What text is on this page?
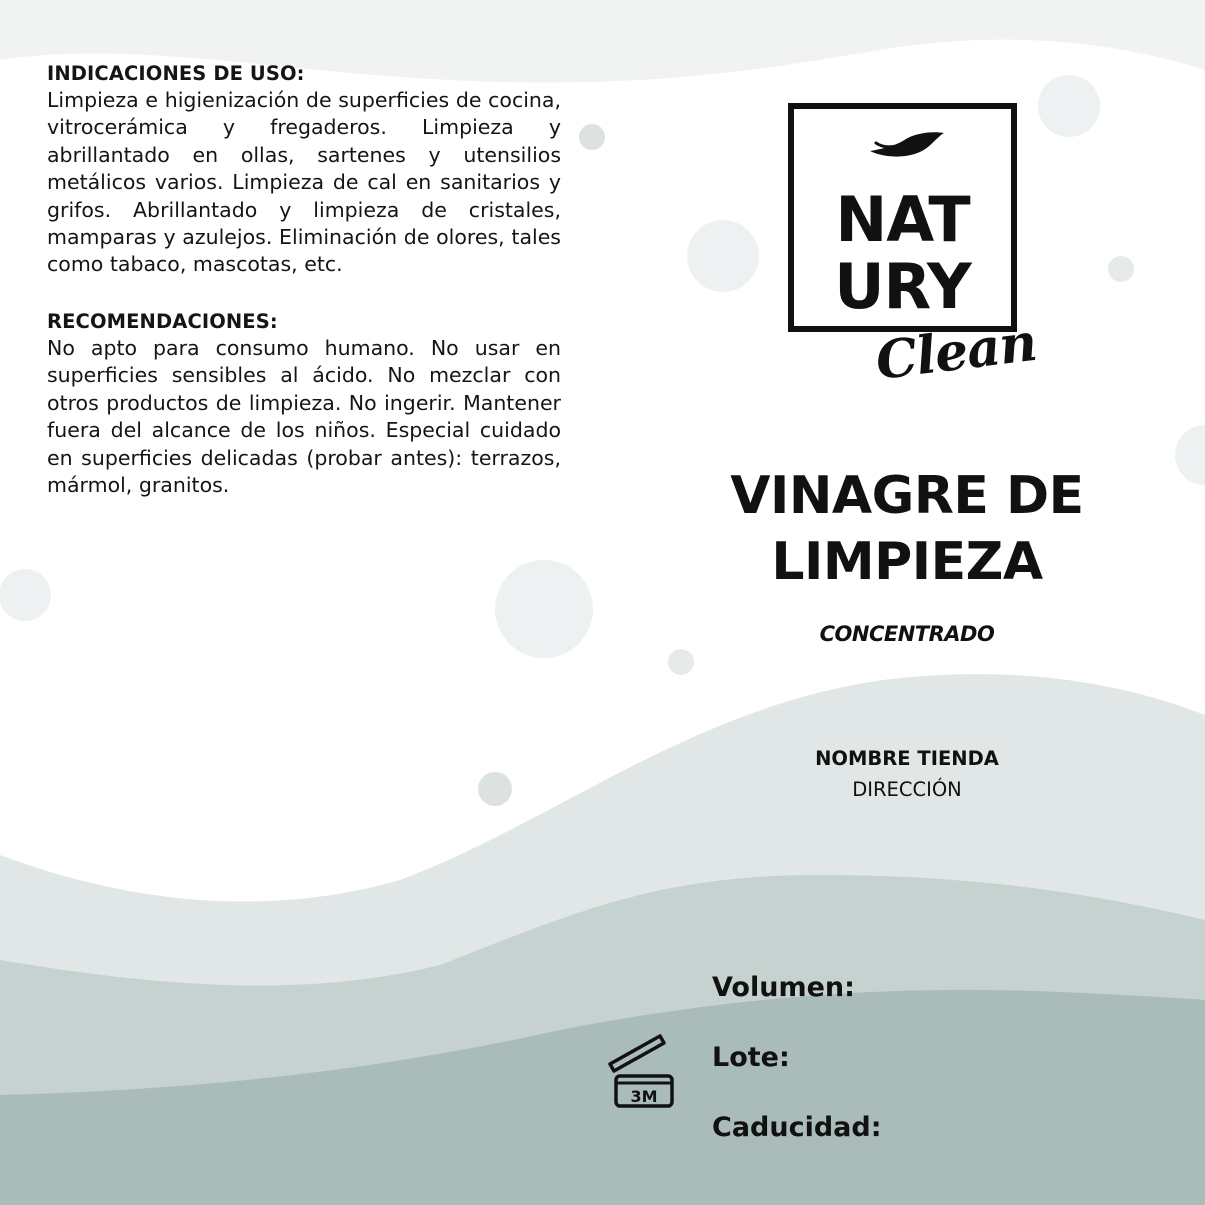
INDICACIONES DE USO:
Limpieza e higienización de superficies de cocina, vitrocerámica y fregaderos. Limpieza y abrillantado en ollas, sartenes y utensilios metálicos varios. Limpieza de cal en sanitarios y grifos. Abrillantado y limpieza de cristales, mamparas y azulejos. Eliminación de olores, tales como tabaco, mascotas, etc.
RECOMENDACIONES:
No apto para consumo humano. No usar en superficies sensibles al ácido. No mezclar con otros productos de limpieza. No ingerir. Mantener fuera del alcance de los niños. Especial cuidado en superficies delicadas (probar antes): terrazos, mármol, granitos.
NAT
URY
Clean
VINAGRE DE
LIMPIEZA
CONCENTRADO
NOMBRE TIENDA
DIRECCIÓN
3M
Volumen:
Lote:
Caducidad:
